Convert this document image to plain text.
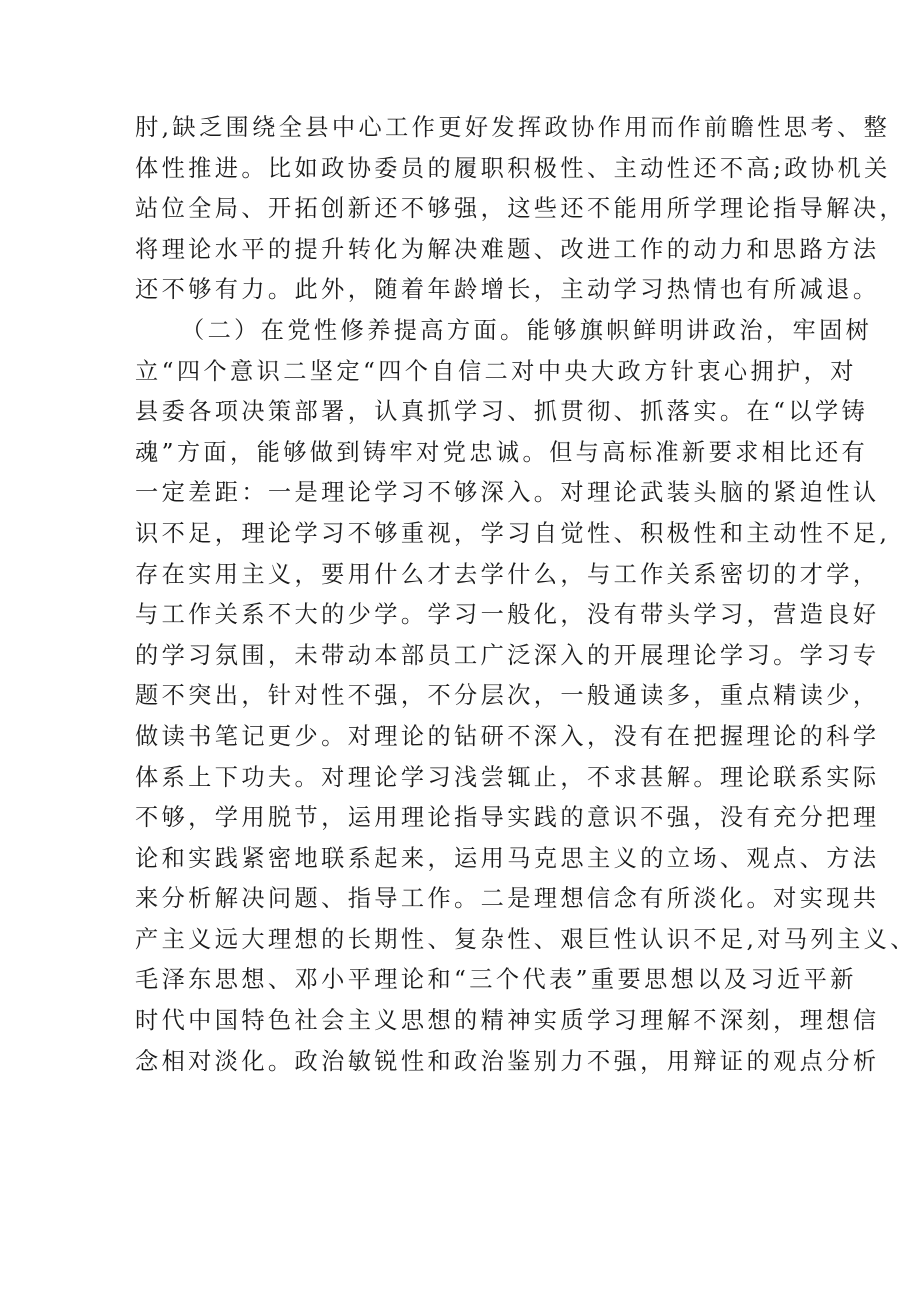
肘,缺乏围绕全县中心工作更好发挥政协作用而作前瞻性思考、整
体性推进。比如政协委员的履职积极性、主动性还不高;政协机关
站位全局、开拓创新还不够强，这些还不能用所学理论指导解决，
将理论水平的提升转化为解决难题、改进工作的动力和思路方法
还不够有力。此外，随着年龄增长，主动学习热情也有所减退。
（二）在党性修养提高方面。能够旗帜鲜明讲政治，牢固树
立“四个意识二坚定“四个自信二对中央大政方针衷心拥护，对
县委各项决策部署，认真抓学习、抓贯彻、抓落实。在“以学铸
魂”方面，能够做到铸牢对党忠诚。但与高标准新要求相比还有
一定差距：一是理论学习不够深入。对理论武装头脑的紧迫性认
识不足，理论学习不够重视，学习自觉性、积极性和主动性不足,
存在实用主义，要用什么才去学什么，与工作关系密切的才学，
与工作关系不大的少学。学习一般化，没有带头学习，营造良好
的学习氛围，未带动本部员工广泛深入的开展理论学习。学习专
题不突出，针对性不强，不分层次，一般通读多，重点精读少，
做读书笔记更少。对理论的钻研不深入，没有在把握理论的科学
体系上下功夫。对理论学习浅尝辄止，不求甚解。理论联系实际
不够，学用脱节，运用理论指导实践的意识不强，没有充分把理
论和实践紧密地联系起来，运用马克思主义的立场、观点、方法
来分析解决问题、指导工作。二是理想信念有所淡化。对实现共
产主义远大理想的长期性、复杂性、艰巨性认识不足,对马列主义、
毛泽东思想、邓小平理论和“三个代表”重要思想以及习近平新
时代中国特色社会主义思想的精神实质学习理解不深刻，理想信
念相对淡化。政治敏锐性和政治鉴别力不强，用辩证的观点分析
